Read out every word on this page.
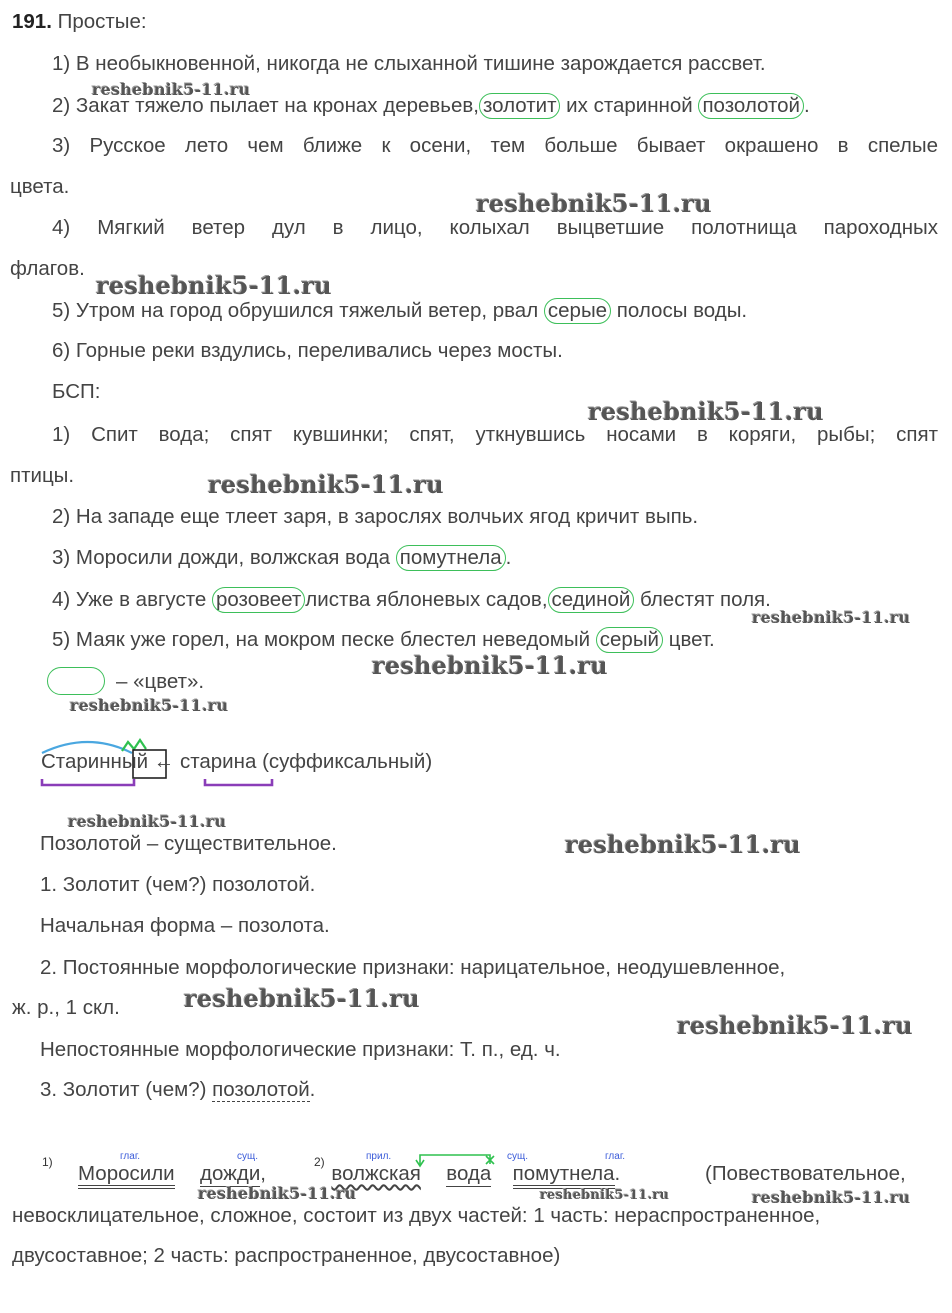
191. Простые:
1) В необыкновенной, никогда не слыханной тишине зарождается рассвет.
2) Закат тяжело пылает на кронах деревьев, золотит их старинной позолотой .
3) Русское лето чем ближе к осени, тем больше бывает окрашено в спелые
цвета.
4) Мягкий ветер дул в лицо, колыхал выцветшие полотнища пароходных
флагов.
5) Утром на город обрушился тяжелый ветер, рвал серые полосы воды.
6) Горные реки вздулись, переливались через мосты.
БСП:
1) Спит вода; спят кувшинки; спят, уткнувшись носами в коряги, рыбы; спят
птицы.
2) На западе еще тлеет заря, в зарослях волчьих ягод кричит выпь.
3) Моросили дожди, волжская вода помутнела .
4) Уже в августе розовеет листва яблоневых садов, сединой блестят поля.
5) Маяк уже горел, на мокром песке блестел неведомый серый цвет.
– «цвет».
Старинный ← старина (суффиксальный)
Позолотой – существительное.
1. Золотит (чем?) позолотой.
Начальная форма – позолота.
2. Постоянные морфологические признаки: нарицательное, неодушевленное,
ж. р., 1 скл.
Непостоянные морфологические признаки: Т. п., ед. ч.
3. Золотит (чем?) позолотой.
1)	глаг.	сущ.	2)	прил.	сущ.	глаг.
Моросили дожди,	волжская вода помутнела.	(Повествовательное,
невосклицательное, сложное, состоит из двух частей: 1 часть: нераспространенное,
двусоставное; 2 часть: распространенное, двусоставное)
reshebnik5-11.ru
reshebnik5-11.ru
reshebnik5-11.ru
reshebnik5-11.ru
reshebnik5-11.ru
reshebnik5-11.ru
reshebnik5-11.ru
reshebnik5-11.ru
reshebnik5-11.ru
reshebnik5-11.ru
reshebnik5-11.ru
reshebnik5-11.ru
reshebnik5-11.ru	reshebnik5-11.ru	reshebnik5-11.ru
